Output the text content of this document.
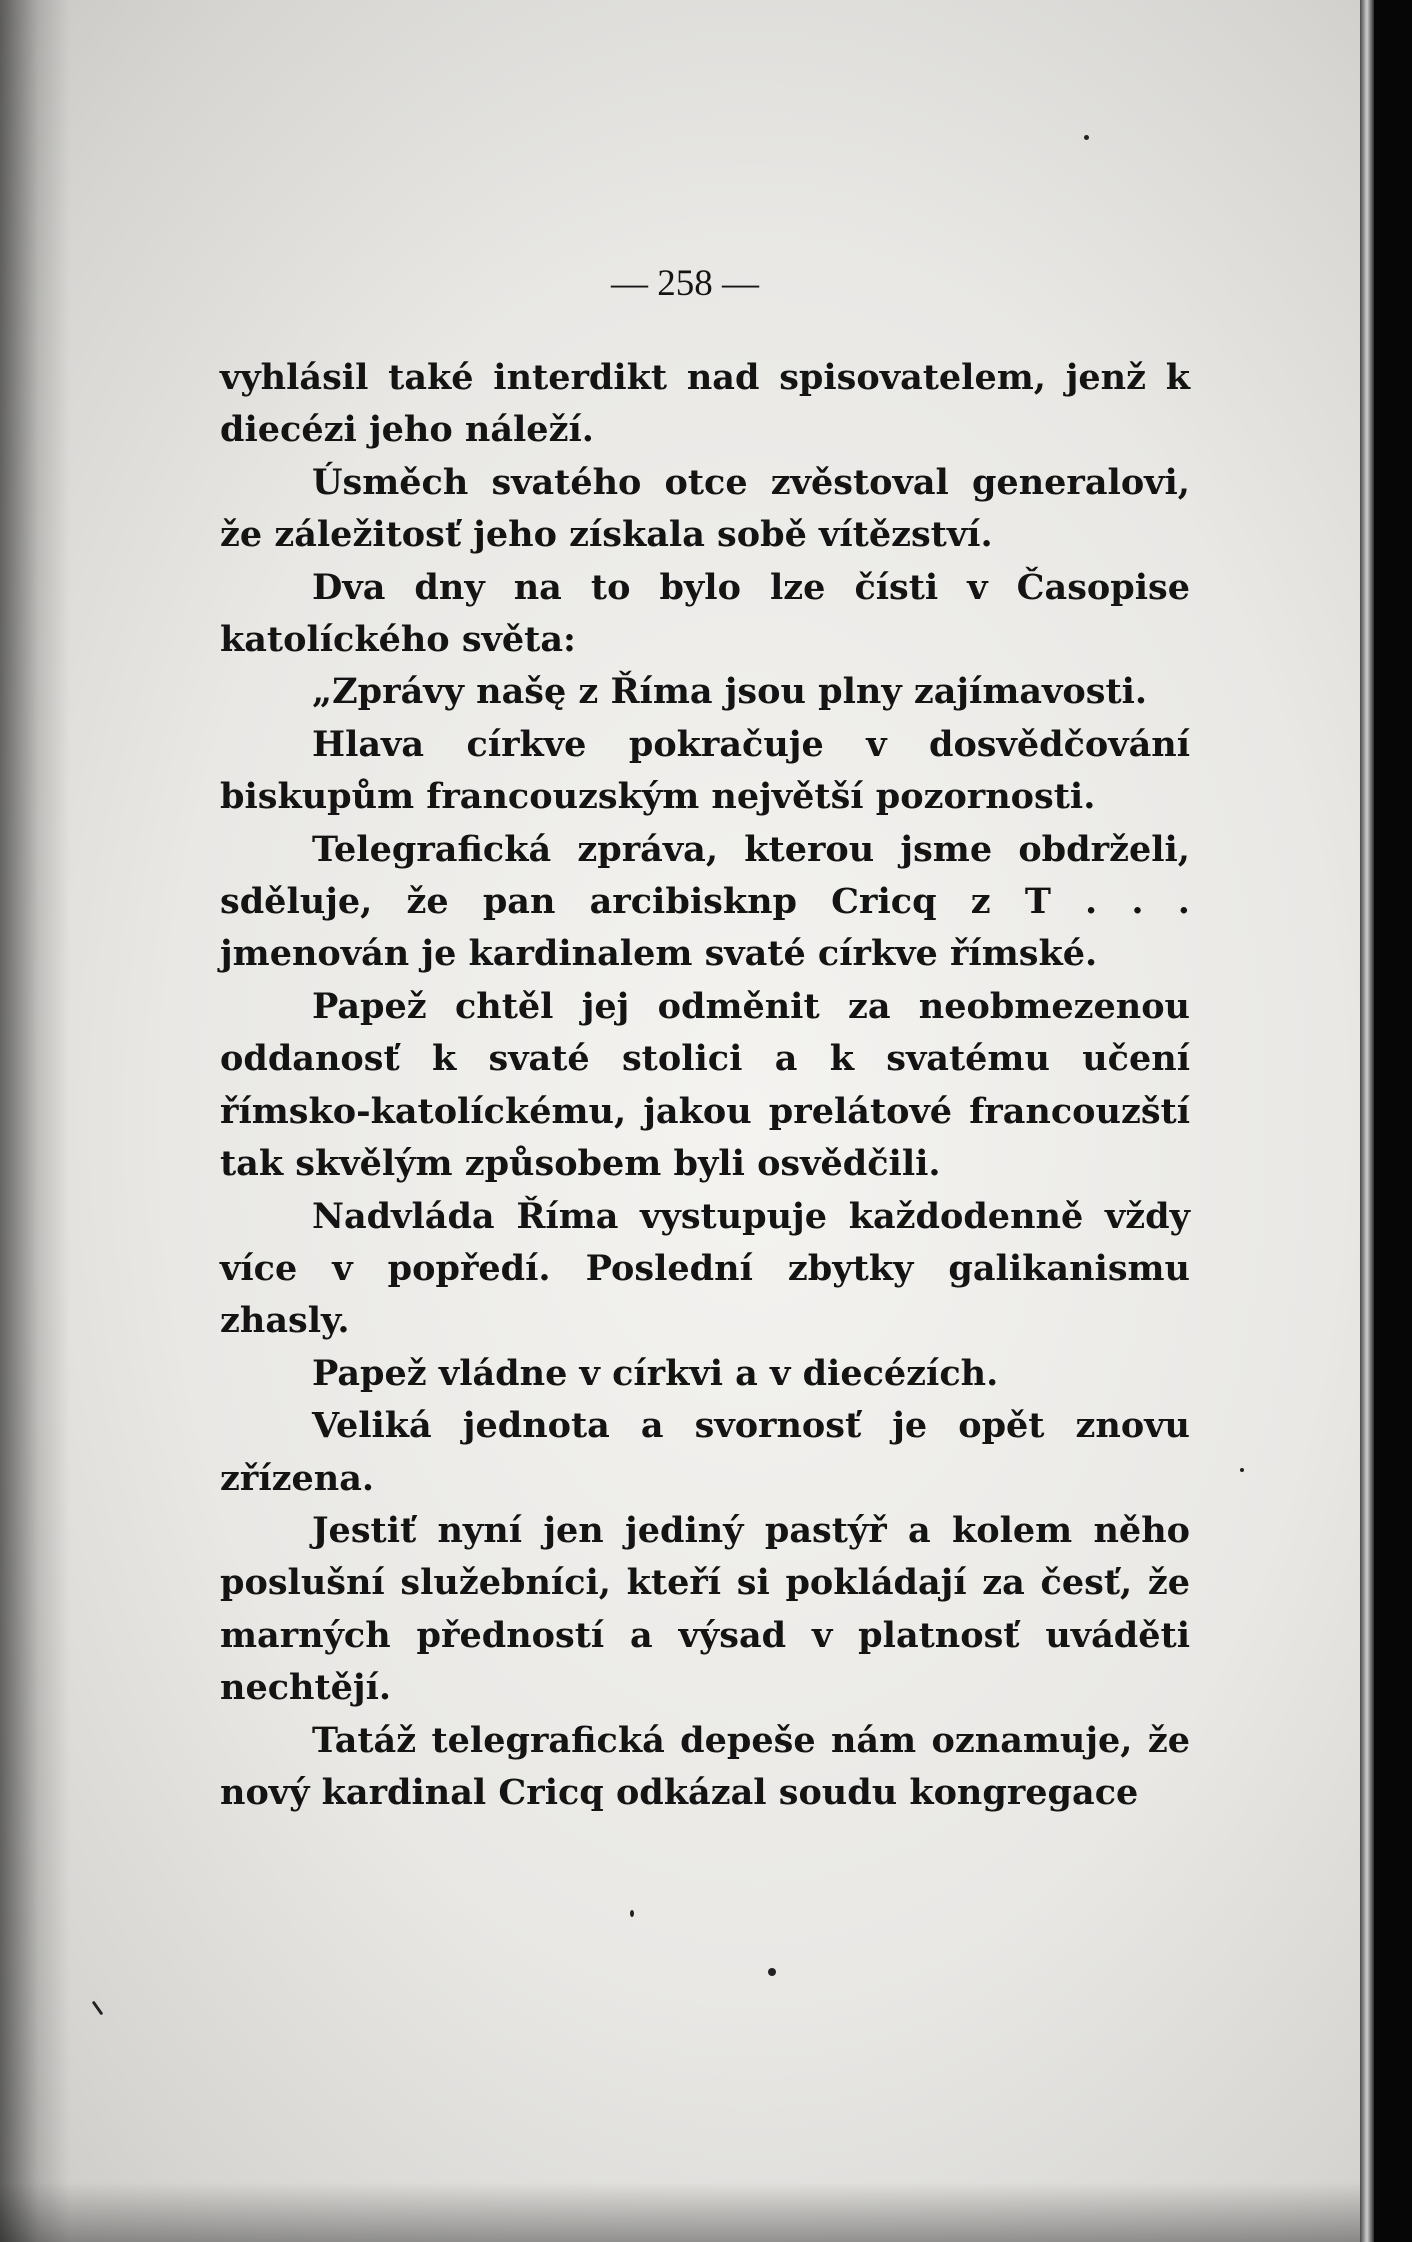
— 258 —

vyhlásil také interdikt nad spisovatelem, jenž k diecézi jeho náleží.

Úsměch svatého otce zvěstoval generalovi, že záležitosť jeho získala sobě vítězství.

Dva dny na to bylo lze čísti v Časopise katolíckého světa:

„Zprávy našę z Říma jsou plny zajímavosti.

Hlava církve pokračuje v dosvědčování biskupům francouzským největší pozornosti.

Telegrafická zpráva, kterou jsme obdrželi, sděluje, že pan arcibisknp Cricq z T . . . jmenován je kardinalem svaté církve římské.

Papež chtěl jej odměnit za neobmezenou oddanosť k svaté stolici a k svatému učení římsko-katolíckému, jakou prelátové francouzští tak skvělým způsobem byli osvědčili.

Nadvláda Říma vystupuje každodenně vždy více v popředí. Poslední zbytky galikanismu zhasly.

Papež vládne v církvi a v diecézích.

Veliká jednota a svornosť je opět znovu zřízena.

Jestiť nyní jen jediný pastýř a kolem něho poslušní služebníci, kteří si pokládají za česť, že marných předností a výsad v platnosť uváděti nechtějí.

Tatáž telegrafická depeše nám oznamuje, že nový kardinal Cricq odkázal soudu kongregace
